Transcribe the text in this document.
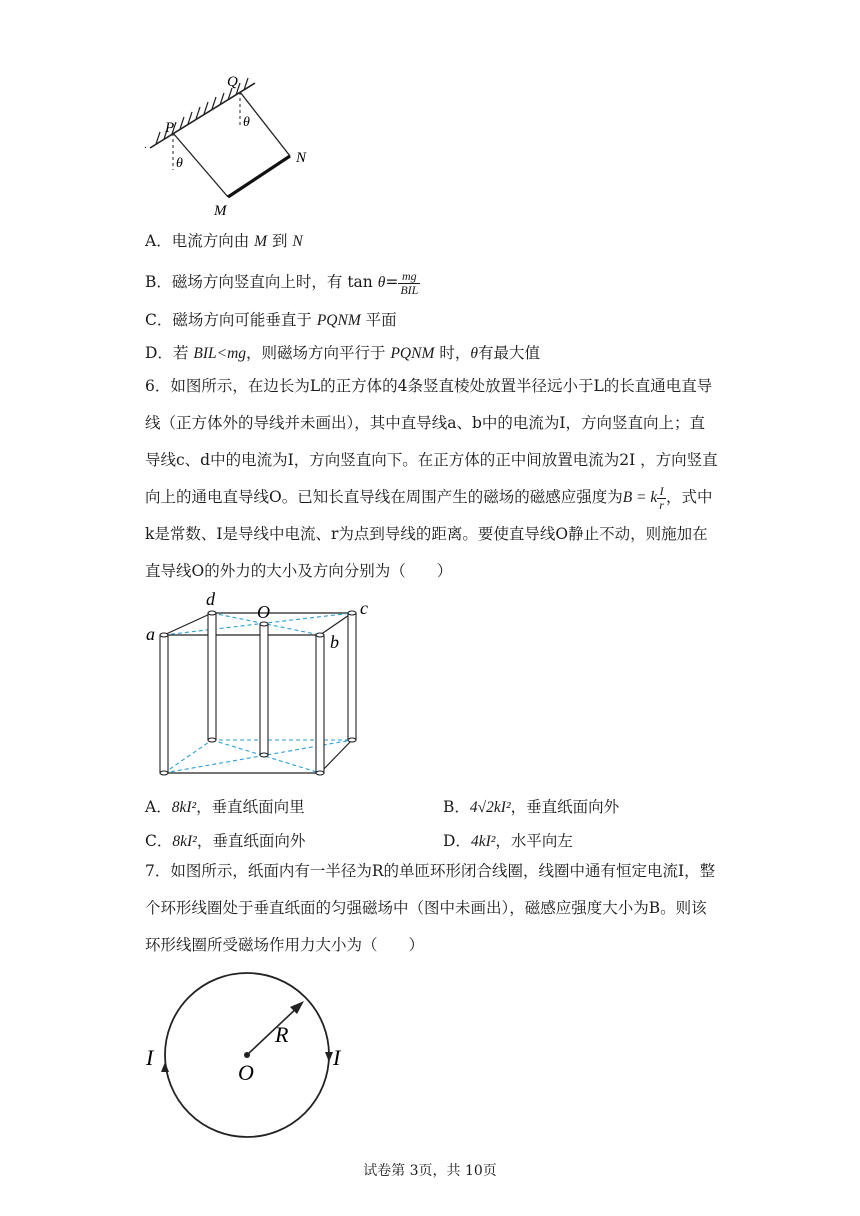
Q
P
N
M
θ
θ
·
A．电流方向由 M 到 N
B．磁场方向竖直向上时，有 $\tan \theta= \frac{mg}{\text{BIL}}$
C．磁场方向可能垂直于 PQNM 平面
D．若 BIL<mg，则磁场方向平行于 PQNM 时，θ有最大值
6．如图所示，在边长为L的正方体的4条竖直棱处放置半径远小于L的长直通电直导线（正方体外的导线并未画出），其中直导线a、b中的电流为I，方向竖直向上；直导线c、d中的电流为I，方向竖直向下。在正方体的正中间放置电流为2I ，方向竖直向上的通电直导线O。已知长直导线在周围产生的磁场的磁感应强度为B = k $\frac{I}{r}$ ，式中k是常数、I是导线中电流、r为点到导线的距离。要使直导线O静止不动，则施加在直导线O的外力的大小及方向分别为（　　）
a	b
c
d
O
A．8kI²，垂直纸面向里	B．4√2kI²，垂直纸面向外
C．8kI²，垂直纸面向外	D．4kI²，水平向左
7．如图所示，纸面内有一半径为R的单匝环形闭合线圈，线圈中通有恒定电流I，整个环形线圈处于垂直纸面的匀强磁场中（图中未画出），磁感应强度大小为B。则该环形线圈所受磁场作用力大小为（　　）
R
O
I	I
试卷第 3页，共 10页
